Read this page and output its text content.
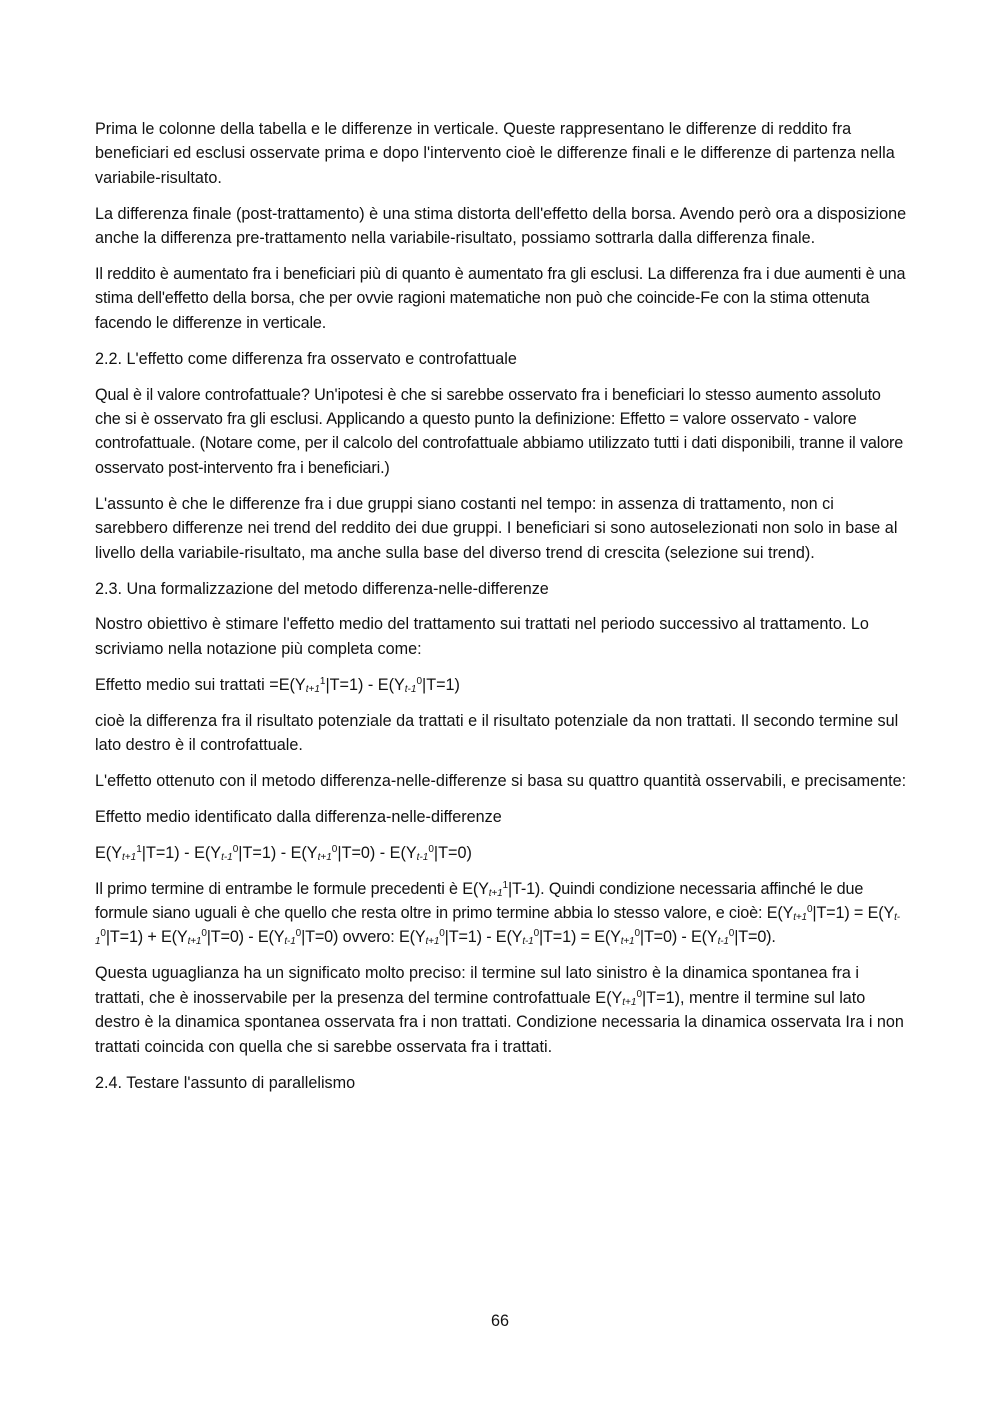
Prima le colonne della tabella e le differenze in verticale. Queste rappresentano le differenze di reddito fra beneficiari ed esclusi osservate prima e dopo l'intervento cioè le differenze finali e le differenze di partenza nella variabile-risultato.

La differenza finale (post-trattamento) è una stima distorta dell'effetto della borsa. Avendo però ora a disposizione anche la differenza pre-trattamento nella variabile-risultato, possiamo sottrarla dalla differenza finale.

Il reddito è aumentato fra i beneficiari più di quanto è aumentato fra gli esclusi. La differenza fra i due aumenti è una stima dell'effetto della borsa, che per ovvie ragioni matematiche non può che coincide-Fe con la stima ottenuta facendo le differenze in verticale.

2.2. L'effetto come differenza fra osservato e controfattuale

Qual è il valore controfattuale? Un'ipotesi è che si sarebbe osservato fra i beneficiari lo stesso aumento assoluto che si è osservato fra gli esclusi. Applicando a questo punto la definizione: Effetto = valore osservato - valore controfattuale. (Notare come, per il calcolo del controfattuale abbiamo utilizzato tutti i dati disponibili, tranne il valore osservato post-intervento fra i beneficiari.)

L'assunto è che le differenze fra i due gruppi siano costanti nel tempo: in assenza di trattamento, non ci sarebbero differenze nei trend del reddito dei due gruppi. I beneficiari si sono autoselezionati non solo in base al livello della variabile-risultato, ma anche sulla base del diverso trend di crescita (selezione sui trend).

2.3. Una formalizzazione del metodo differenza-nelle-differenze

Nostro obiettivo è stimare l'effetto medio del trattamento sui trattati nel periodo successivo al trattamento. Lo scriviamo nella notazione più completa come:

Effetto medio sui trattati $=E(Y_{t+1}^1|T=1) - E(Y_{t-1}^0|T=1)$

cioè la differenza fra il risultato potenziale da trattati e il risultato potenziale da non trattati. Il secondo termine sul lato destro è il controfattuale.

L'effetto ottenuto con il metodo differenza-nelle-differenze si basa su quattro quantità osservabili, e precisamente:

Effetto medio identificato dalla differenza-nelle-differenze

$E(Y_{t+1}^1|T=1) - E(Y_{t-1}^0|T=1) - E(Y_{t+1}^0|T=0) - E(Y_{t-1}^0|T=0)$

Il primo termine di entrambe le formule precedenti è $E(Y_{t+1}^1|T-1)$. Quindi condizione necessaria affinché le due formule siano uguali è che quello che resta oltre in primo termine abbia lo stesso valore, e cioè: $E(Y_{t+1}^0|T=1) = E(Y_{t-1}^0|T=1) + E(Y_{t+1}^0|T=0) - E(Y_{t-1}^0|T=0)$ ovvero: $E(Y_{t+1}^0|T=1) - E(Y_{t-1}^0|T=1) = E(Y_{t+1}^0|T=0) - E(Y_{t-1}^0|T=0)$.

Questa uguaglianza ha un significato molto preciso: il termine sul lato sinistro è la dinamica spontanea fra i trattati, che è inosservabile per la presenza del termine controfattuale $E(Y_{t+1}^0|T=1)$, mentre il termine sul lato destro è la dinamica spontanea osservata fra i non trattati. Condizione necessaria la dinamica osservata Ira i non trattati coincida con quella che si sarebbe osservata fra i trattati.

2.4. Testare l'assunto di parallelismo

66
